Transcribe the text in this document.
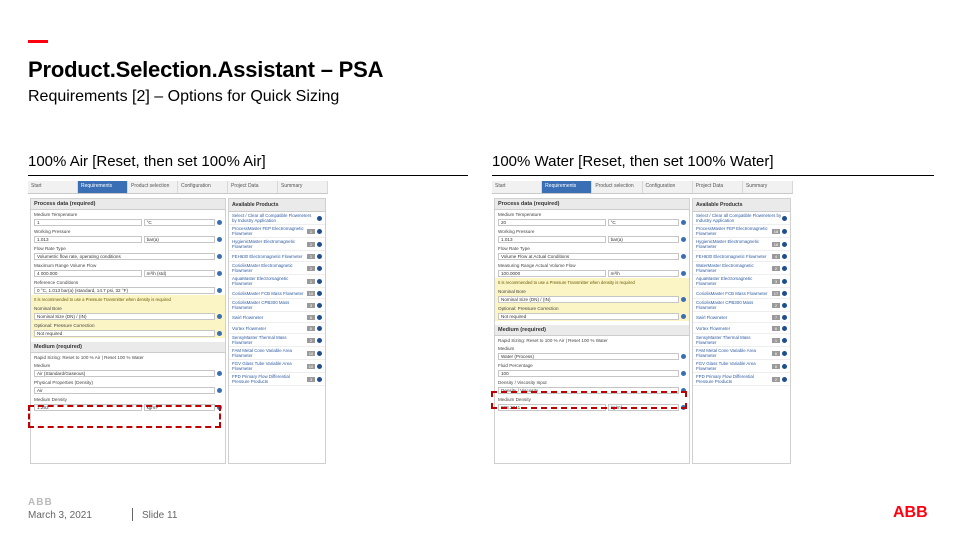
Product.Selection.Assistant – PSA
Requirements [2] – Options for Quick Sizing
100% Air [Reset, then set 100% Air]
Start	Requirements	Product selection	Configuration	Project Data	Summary
Process data (required)
Medium Temperature
1	°C
Working Pressure
1.013	bar(a)
Flow Rate Type
Volumetric flow rate, operating conditions
Maximum Range Volume Flow
4 000.000	m³/h (std)
Reference Conditions
0 °C, 1.013 bar(a) (standard, 14.7 psi, 32 °F)
It is recommended to use a Pressure Transmitter when density is required
Nominal Bore
Nominal Size (DN) / (IN)
Optional: Pressure Correction
Not required
Medium (required)
Rapid Sizing: Reset to 100 % Air | Reset 100 % Water
Medium
Air (Standard/Gaseous)
Physical Properties (Density)
Air
Medium Density
1.293	kg/m³
Available Products
Select / Clear all Compatible Flowmeters by Industry Application
ProcessMaster FEP Electromagnetic Flowmeter	1
HygienicMaster Electromagnetic Flowmeter	1
FEH630 Electromagnetic Flowmeter	1
CoriolisMaster Electromagnetic Flowmeter	1
AquaMaster Electromagnetic Flowmeter	1
CoriolisMaster FCB Mass Flowmeter	10
CoriolisMaster CPB300 Mass Flowmeter	3
Swirl Flowmeter	6
Vortex Flowmeter	6
SensyMaster Thermal Mass Flowmeter	2
FAM Metal Cone Variable Area Flowmeter	10
FGV Glass Tube Variable Area Flowmeter	10
FPD Primary Flow Differential Pressure Products	3
100% Water [Reset, then set 100% Water]
Start	Requirements	Product selection	Configuration	Project Data	Summary
Process data (required)
Medium Temperature
20	°C
Working Pressure
1.013	bar(a)
Flow Rate Type
Volume Flow at Actual Conditions
Measuring Range Actual Volume Flow
100.0000	m³/h
It is recommended to use a Pressure Transmitter when density is required
Nominal Bore
Nominal Size (DN) / (IN)
Optional: Pressure Correction
Not required
Medium (required)
Rapid Sizing: Reset to 100 % Air | Reset 100 % Water
Medium
Water (Process)
Fluid Percentage
100
Density / Viscosity Input
Density / Viscosity
Medium Density
998.2041	kg/m³
Available Products
Select / Clear all Compatible Flowmeters by Industry Application
ProcessMaster FEP Electromagnetic Flowmeter	18
HygienicMaster Electromagnetic Flowmeter	18
FEH630 Electromagnetic Flowmeter	4
WaterMaster Electromagnetic Flowmeter	2
AquaMaster Electromagnetic Flowmeter	3
CoriolisMaster FCB Mass Flowmeter	17
CoriolisMaster CPB300 Mass Flowmeter	2
Swirl Flowmeter	7
Vortex Flowmeter	6
SensyMaster Thermal Mass Flowmeter	1
FAM Metal Cone Variable Area Flowmeter	6
FGV Glass Tube Variable Area Flowmeter	6
FPD Primary Flow Differential Pressure Products	2
ABB
March 3, 2021	Slide 11	ABB
